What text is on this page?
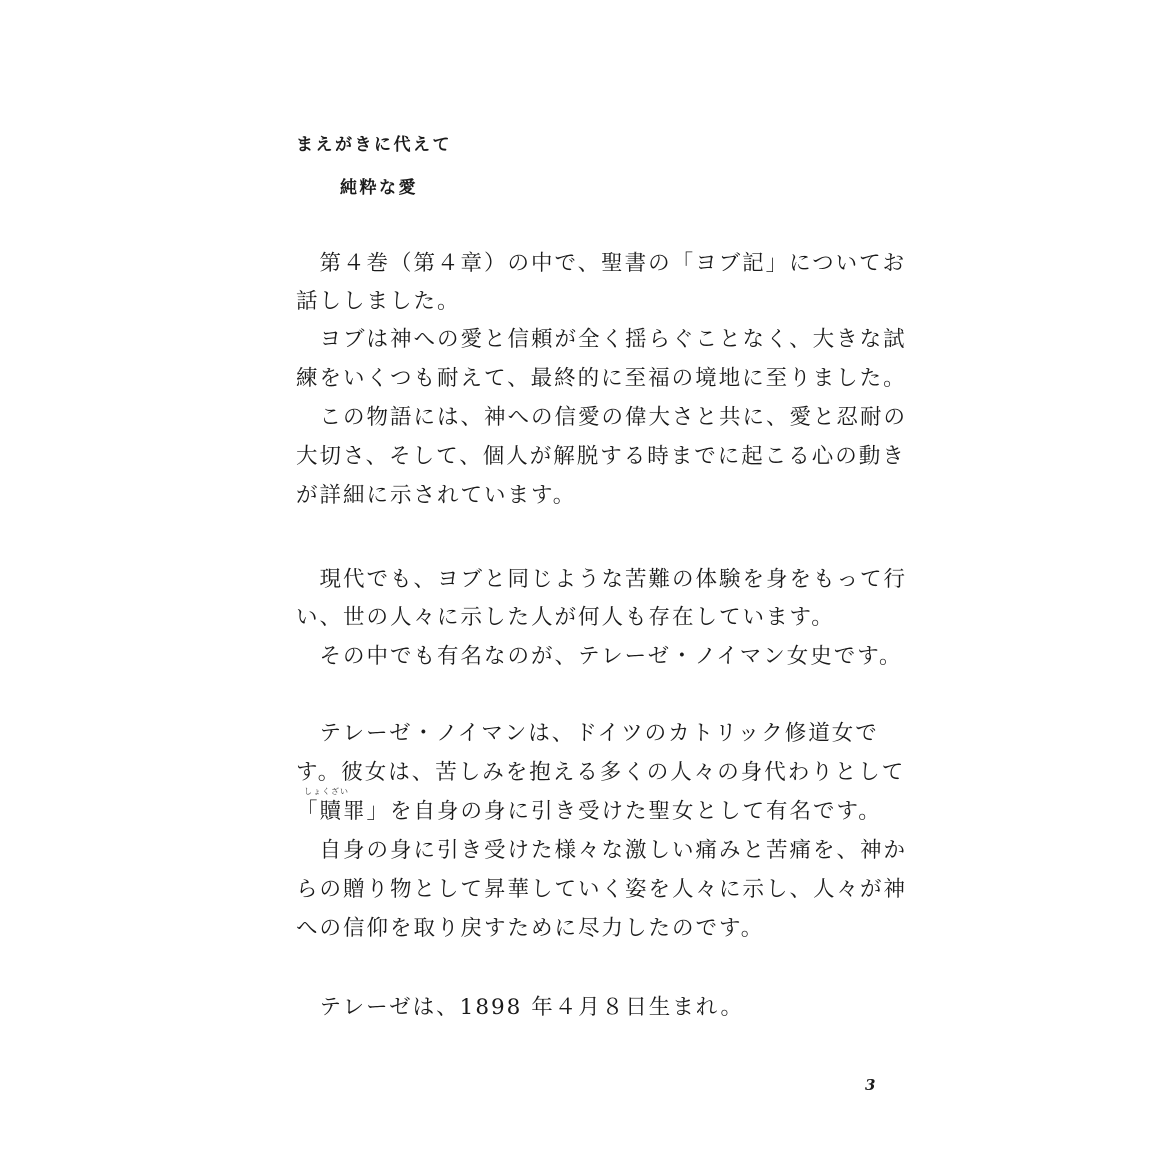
まえがきに代えて
純粋な愛
　第４巻（第４章）の中で、聖書の「ヨブ記」についてお
話ししました。
　ヨブは神への愛と信頼が全く揺らぐことなく、大きな試
練をいくつも耐えて、最終的に至福の境地に至りました。
　この物語には、神への信愛の偉大さと共に、愛と忍耐の
大切さ、そして、個人が解脱する時までに起こる心の動き
が詳細に示されています。
　現代でも、ヨブと同じような苦難の体験を身をもって行
い、世の人々に示した人が何人も存在しています。
　その中でも有名なのが、テレーゼ・ノイマン女史です。
　テレーゼ・ノイマンは、ドイツのカトリック修道女で
す。彼女は、苦しみを抱える多くの人々の身代わりとして
しょくざい
「贖罪」を自身の身に引き受けた聖女として有名です。
　自身の身に引き受けた様々な激しい痛みと苦痛を、神か
らの贈り物として昇華していく姿を人々に示し、人々が神
への信仰を取り戻すために尽力したのです。
　テレーゼは、1898 年４月８日生まれ。
3
